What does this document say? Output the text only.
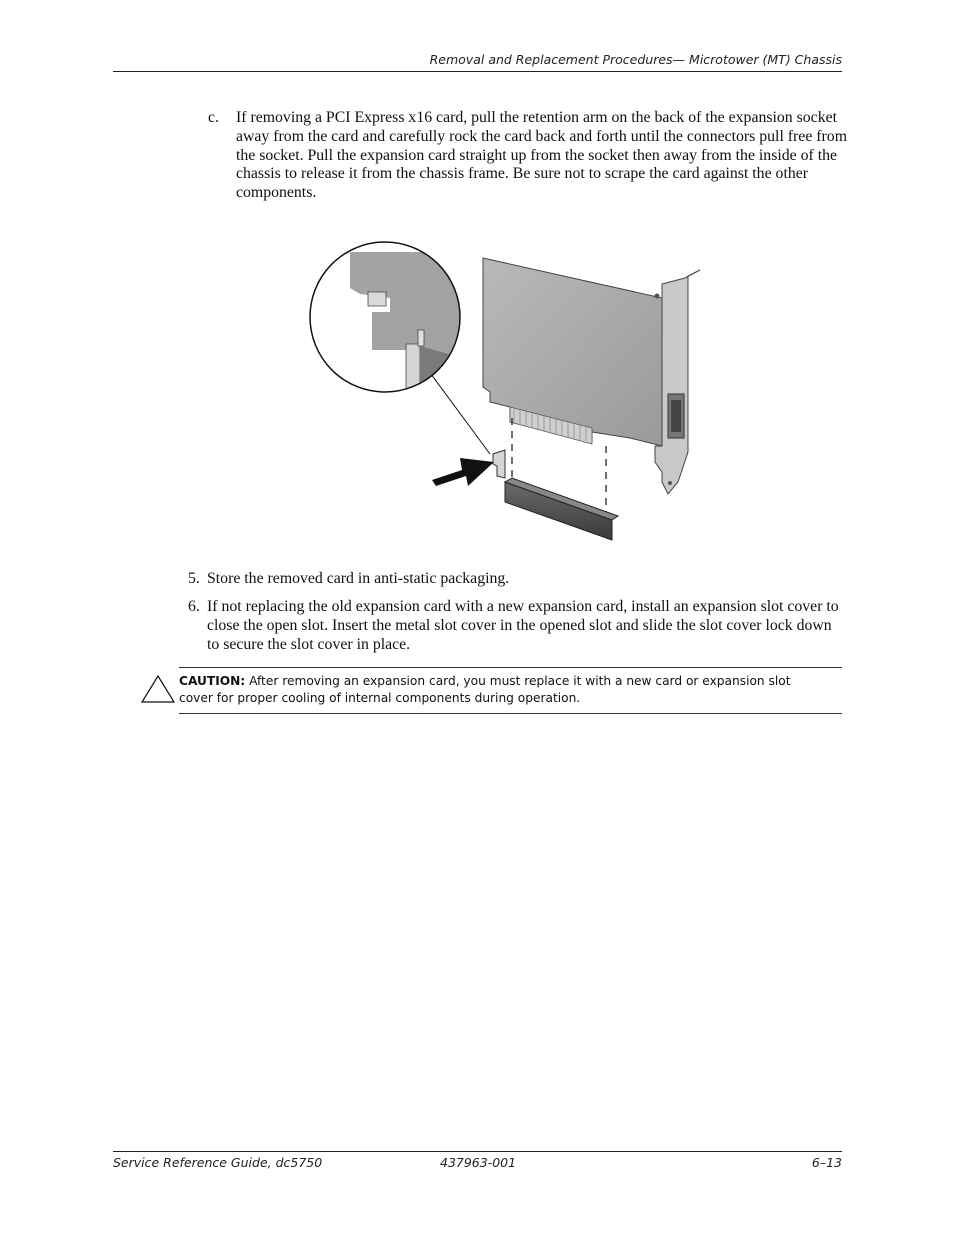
Removal and Replacement Procedures— Microtower (MT) Chassis
c. If removing a PCI Express x16 card, pull the retention arm on the back of the expansion socket away from the card and carefully rock the card back and forth until the connectors pull free from the socket. Pull the expansion card straight up from the socket then away from the inside of the chassis to release it from the chassis frame. Be sure not to scrape the card against the other components.
5. Store the removed card in anti-static packaging.
6. If not replacing the old expansion card with a new expansion card, install an expansion slot cover to close the open slot. Insert the metal slot cover in the opened slot and slide the slot cover lock down to secure the slot cover in place.
CAUTION: After removing an expansion card, you must replace it with a new card or expansion slot cover for proper cooling of internal components during operation.
Service Reference Guide, dc5750	437963-001	6–13
